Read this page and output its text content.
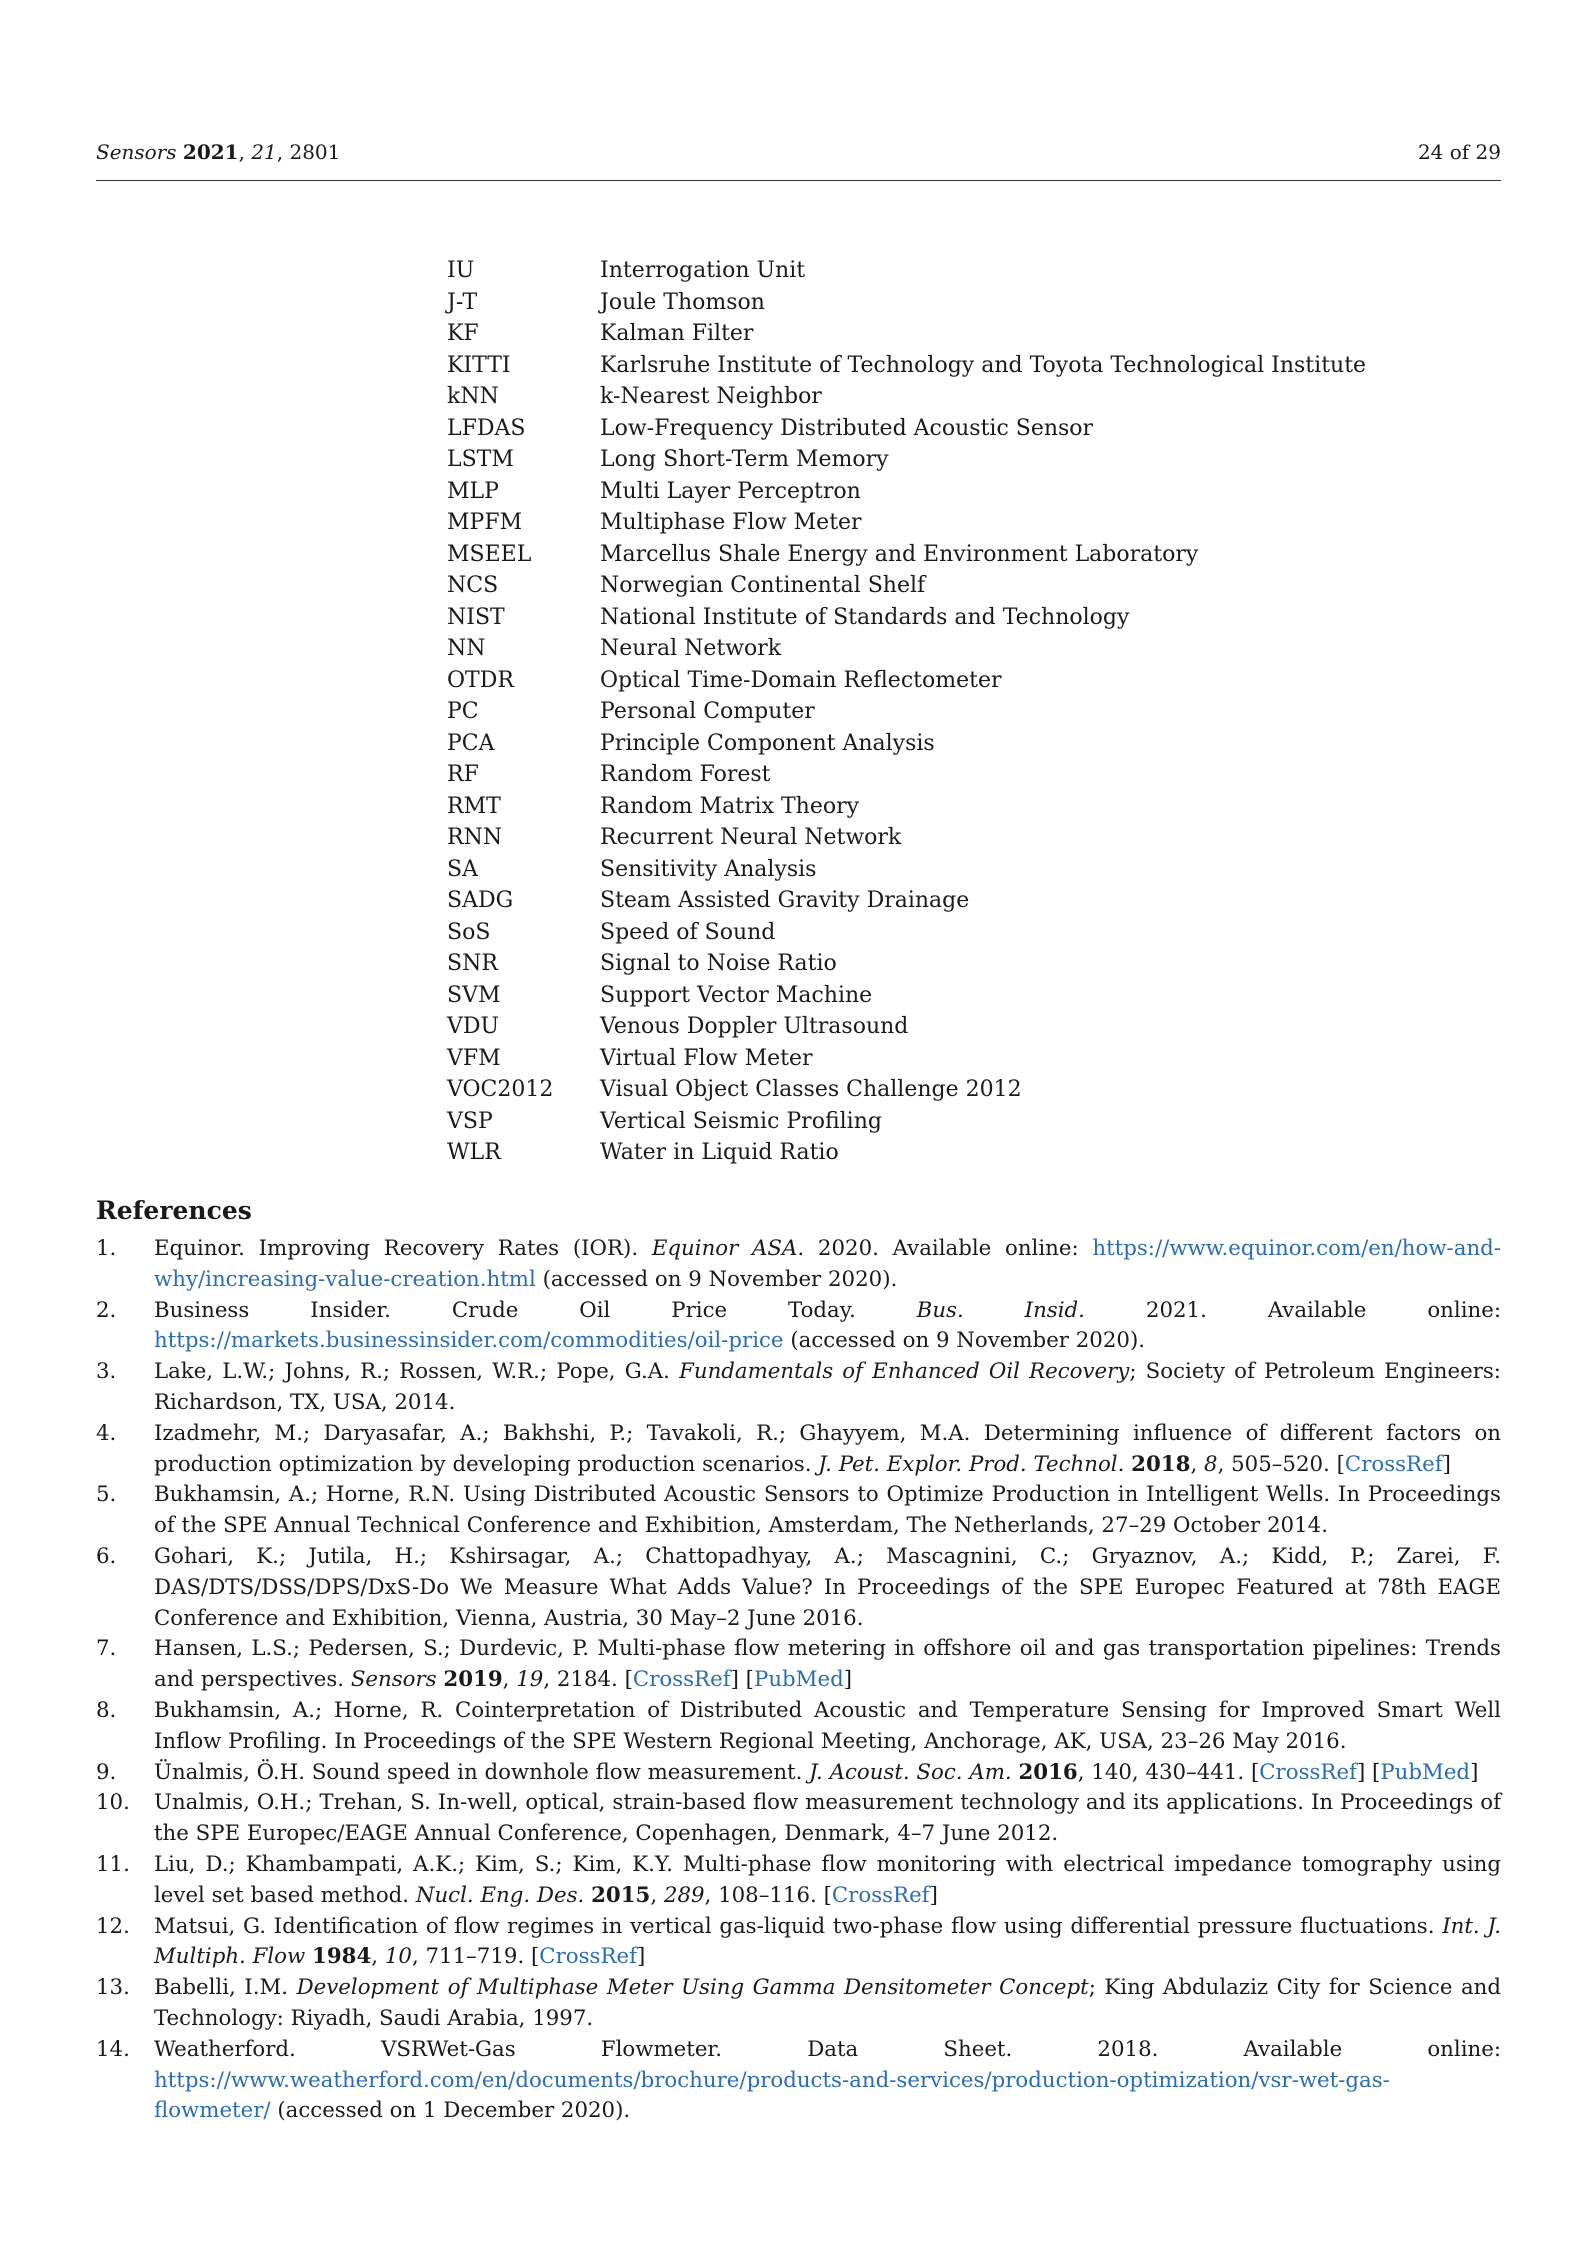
Sensors 2021, 21, 2801	24 of 29
IU	Interrogation Unit
J-T	Joule Thomson
KF	Kalman Filter
KITTI	Karlsruhe Institute of Technology and Toyota Technological Institute
kNN	k-Nearest Neighbor
LFDAS	Low-Frequency Distributed Acoustic Sensor
LSTM	Long Short-Term Memory
MLP	Multi Layer Perceptron
MPFM	Multiphase Flow Meter
MSEEL	Marcellus Shale Energy and Environment Laboratory
NCS	Norwegian Continental Shelf
NIST	National Institute of Standards and Technology
NN	Neural Network
OTDR	Optical Time-Domain Reflectometer
PC	Personal Computer
PCA	Principle Component Analysis
RF	Random Forest
RMT	Random Matrix Theory
RNN	Recurrent Neural Network
SA	Sensitivity Analysis
SADG	Steam Assisted Gravity Drainage
SoS	Speed of Sound
SNR	Signal to Noise Ratio
SVM	Support Vector Machine
VDU	Venous Doppler Ultrasound
VFM	Virtual Flow Meter
VOC2012	Visual Object Classes Challenge 2012
VSP	Vertical Seismic Profiling
WLR	Water in Liquid Ratio
References
1. Equinor. Improving Recovery Rates (IOR). Equinor ASA. 2020. Available online: https://www.equinor.com/en/how-and-why/increasing-value-creation.html (accessed on 9 November 2020).
2. Business Insider. Crude Oil Price Today. Bus. Insid. 2021. Available online: https://markets.businessinsider.com/commodities/oil-price (accessed on 9 November 2020).
3. Lake, L.W.; Johns, R.; Rossen, W.R.; Pope, G.A. Fundamentals of Enhanced Oil Recovery; Society of Petroleum Engineers: Richardson, TX, USA, 2014.
4. Izadmehr, M.; Daryasafar, A.; Bakhshi, P.; Tavakoli, R.; Ghayyem, M.A. Determining influence of different factors on production optimization by developing production scenarios. J. Pet. Explor. Prod. Technol. 2018, 8, 505–520. [CrossRef]
5. Bukhamsin, A.; Horne, R.N. Using Distributed Acoustic Sensors to Optimize Production in Intelligent Wells. In Proceedings of the SPE Annual Technical Conference and Exhibition, Amsterdam, The Netherlands, 27–29 October 2014.
6. Gohari, K.; Jutila, H.; Kshirsagar, A.; Chattopadhyay, A.; Mascagnini, C.; Gryaznov, A.; Kidd, P.; Zarei, F. DAS/DTS/DSS/DPS/DxS-Do We Measure What Adds Value? In Proceedings of the SPE Europec Featured at 78th EAGE Conference and Exhibition, Vienna, Austria, 30 May–2 June 2016.
7. Hansen, L.S.; Pedersen, S.; Durdevic, P. Multi-phase flow metering in offshore oil and gas transportation pipelines: Trends and perspectives. Sensors 2019, 19, 2184. [CrossRef] [PubMed]
8. Bukhamsin, A.; Horne, R. Cointerpretation of Distributed Acoustic and Temperature Sensing for Improved Smart Well Inflow Profiling. In Proceedings of the SPE Western Regional Meeting, Anchorage, AK, USA, 23–26 May 2016.
9. Ünalmis, Ö.H. Sound speed in downhole flow measurement. J. Acoust. Soc. Am. 2016, 140, 430–441. [CrossRef] [PubMed]
10. Unalmis, O.H.; Trehan, S. In-well, optical, strain-based flow measurement technology and its applications. In Proceedings of the SPE Europec/EAGE Annual Conference, Copenhagen, Denmark, 4–7 June 2012.
11. Liu, D.; Khambampati, A.K.; Kim, S.; Kim, K.Y. Multi-phase flow monitoring with electrical impedance tomography using level set based method. Nucl. Eng. Des. 2015, 289, 108–116. [CrossRef]
12. Matsui, G. Identification of flow regimes in vertical gas-liquid two-phase flow using differential pressure fluctuations. Int. J. Multiph. Flow 1984, 10, 711–719. [CrossRef]
13. Babelli, I.M. Development of Multiphase Meter Using Gamma Densitometer Concept; King Abdulaziz City for Science and Technology: Riyadh, Saudi Arabia, 1997.
14. Weatherford. VSRWet-Gas Flowmeter. Data Sheet. 2018. Available online: https://www.weatherford.com/en/documents/brochure/products-and-services/production-optimization/vsr-wet-gas-flowmeter/ (accessed on 1 December 2020).
